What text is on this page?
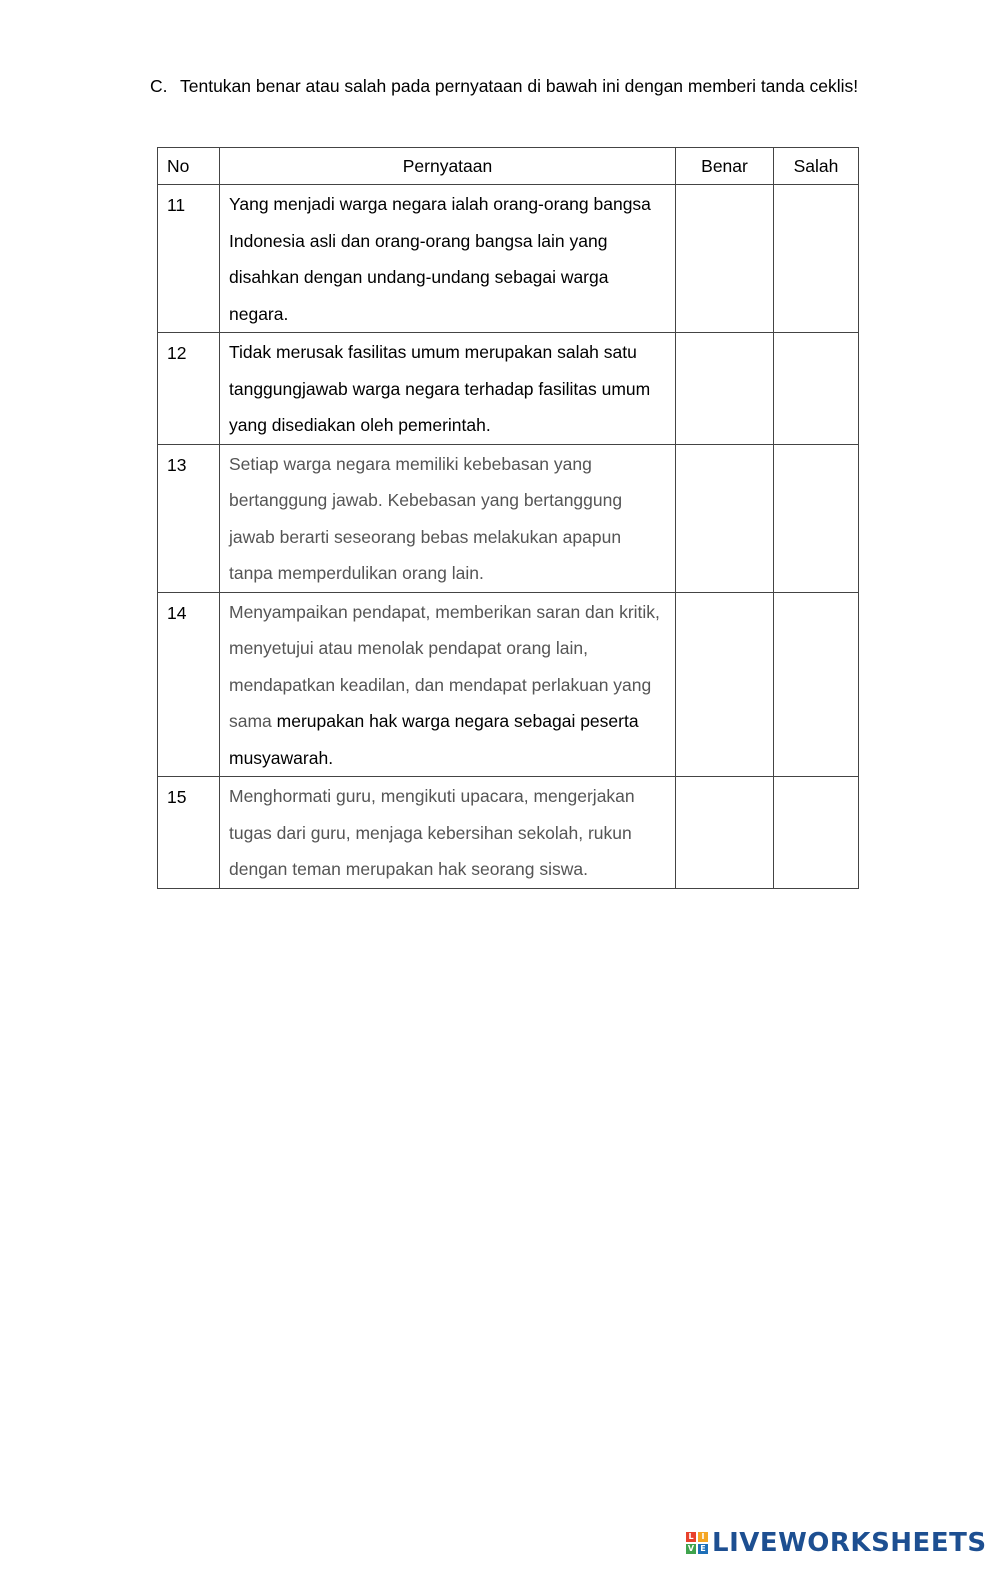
C. Tentukan benar atau salah pada pernyataan di bawah ini dengan memberi tanda ceklis!
No	Pernyataan	Benar	Salah
11	Yang menjadi warga negara ialah orang-orang bangsa Indonesia asli dan orang-orang bangsa lain yang disahkan dengan undang-undang sebagai warga negara.		
12	Tidak merusak fasilitas umum merupakan salah satu tanggungjawab warga negara terhadap fasilitas umum yang disediakan oleh pemerintah.		
13	Setiap warga negara memiliki kebebasan yang bertanggung jawab. Kebebasan yang bertanggung jawab berarti seseorang bebas melakukan apapun tanpa memperdulikan orang lain.		
14	Menyampaikan pendapat, memberikan saran dan kritik, menyetujui atau menolak pendapat orang lain, mendapatkan keadilan, dan mendapat perlakuan yang sama merupakan hak warga negara sebagai peserta musyawarah.		
15	Menghormati guru, mengikuti upacara, mengerjakan tugas dari guru, menjaga kebersihan sekolah, rukun dengan teman merupakan hak seorang siswa.		
L I
V E LIVEWORKSHEETS
